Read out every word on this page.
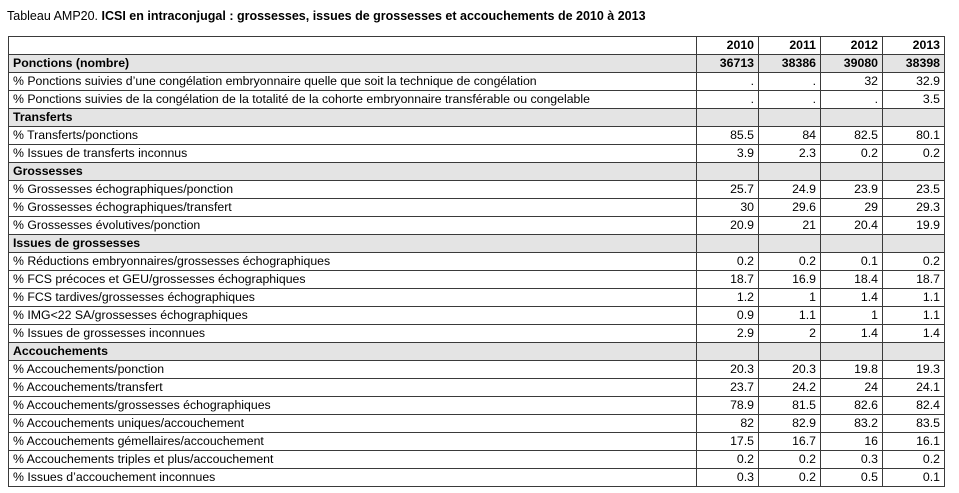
Tableau AMP20. ICSI en intraconjugal : grossesses, issues de grossesses et accouchements de 2010 à 2013
	2010	2011	2012	2013
Ponctions (nombre)	36713	38386	39080	38398
% Ponctions suivies d’une congélation embryonnaire quelle que soit la technique de congélation	.	.	32	32.9
% Ponctions suivies de la congélation de la totalité de la cohorte embryonnaire transférable ou congelable	.	.	.	3.5
Transferts				
% Transferts/ponctions	85.5	84	82.5	80.1
% Issues de transferts inconnus	3.9	2.3	0.2	0.2
Grossesses				
% Grossesses échographiques/ponction	25.7	24.9	23.9	23.5
% Grossesses échographiques/transfert	30	29.6	29	29.3
% Grossesses évolutives/ponction	20.9	21	20.4	19.9
Issues de grossesses				
% Réductions embryonnaires/grossesses échographiques	0.2	0.2	0.1	0.2
% FCS précoces et GEU/grossesses échographiques	18.7	16.9	18.4	18.7
% FCS tardives/grossesses échographiques	1.2	1	1.4	1.1
% IMG<22 SA/grossesses échographiques	0.9	1.1	1	1.1
% Issues de grossesses inconnues	2.9	2	1.4	1.4
Accouchements				
% Accouchements/ponction	20.3	20.3	19.8	19.3
% Accouchements/transfert	23.7	24.2	24	24.1
% Accouchements/grossesses échographiques	78.9	81.5	82.6	82.4
% Accouchements uniques/accouchement	82	82.9	83.2	83.5
% Accouchements gémellaires/accouchement	17.5	16.7	16	16.1
% Accouchements triples et plus/accouchement	0.2	0.2	0.3	0.2
% Issues d’accouchement inconnues	0.3	0.2	0.5	0.1
